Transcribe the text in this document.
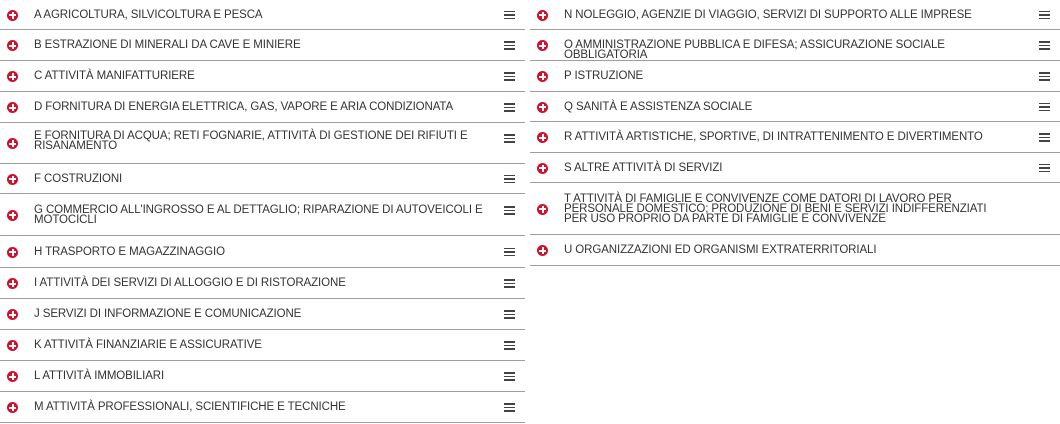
A AGRICOLTURA, SILVICOLTURA E PESCA
B ESTRAZIONE DI MINERALI DA CAVE E MINIERE
C ATTIVITÀ MANIFATTURIERE
D FORNITURA DI ENERGIA ELETTRICA, GAS, VAPORE E ARIA CONDIZIONATA
E FORNITURA DI ACQUA; RETI FOGNARIE, ATTIVITÀ DI GESTIONE DEI RIFIUTI E RISANAMENTO
F COSTRUZIONI
G COMMERCIO ALL'INGROSSO E AL DETTAGLIO; RIPARAZIONE DI AUTOVEICOLI E MOTOCICLI
H TRASPORTO E MAGAZZINAGGIO
I ATTIVITÀ DEI SERVIZI DI ALLOGGIO E DI RISTORAZIONE
J SERVIZI DI INFORMAZIONE E COMUNICAZIONE
K ATTIVITÀ FINANZIARIE E ASSICURATIVE
L ATTIVITÀ IMMOBILIARI
M ATTIVITÀ PROFESSIONALI, SCIENTIFICHE E TECNICHE
N NOLEGGIO, AGENZIE DI VIAGGIO, SERVIZI DI SUPPORTO ALLE IMPRESE
O AMMINISTRAZIONE PUBBLICA E DIFESA; ASSICURAZIONE SOCIALE OBBLIGATORIA
P ISTRUZIONE
Q SANITÀ E ASSISTENZA SOCIALE
R ATTIVITÀ ARTISTICHE, SPORTIVE, DI INTRATTENIMENTO E DIVERTIMENTO
S ALTRE ATTIVITÀ DI SERVIZI
T ATTIVITÀ DI FAMIGLIE E CONVIVENZE COME DATORI DI LAVORO PER PERSONALE DOMESTICO; PRODUZIONE DI BENI E SERVIZI INDIFFERENZIATI PER USO PROPRIO DA PARTE DI FAMIGLIE E CONVIVENZE
U ORGANIZZAZIONI ED ORGANISMI EXTRATERRITORIALI
